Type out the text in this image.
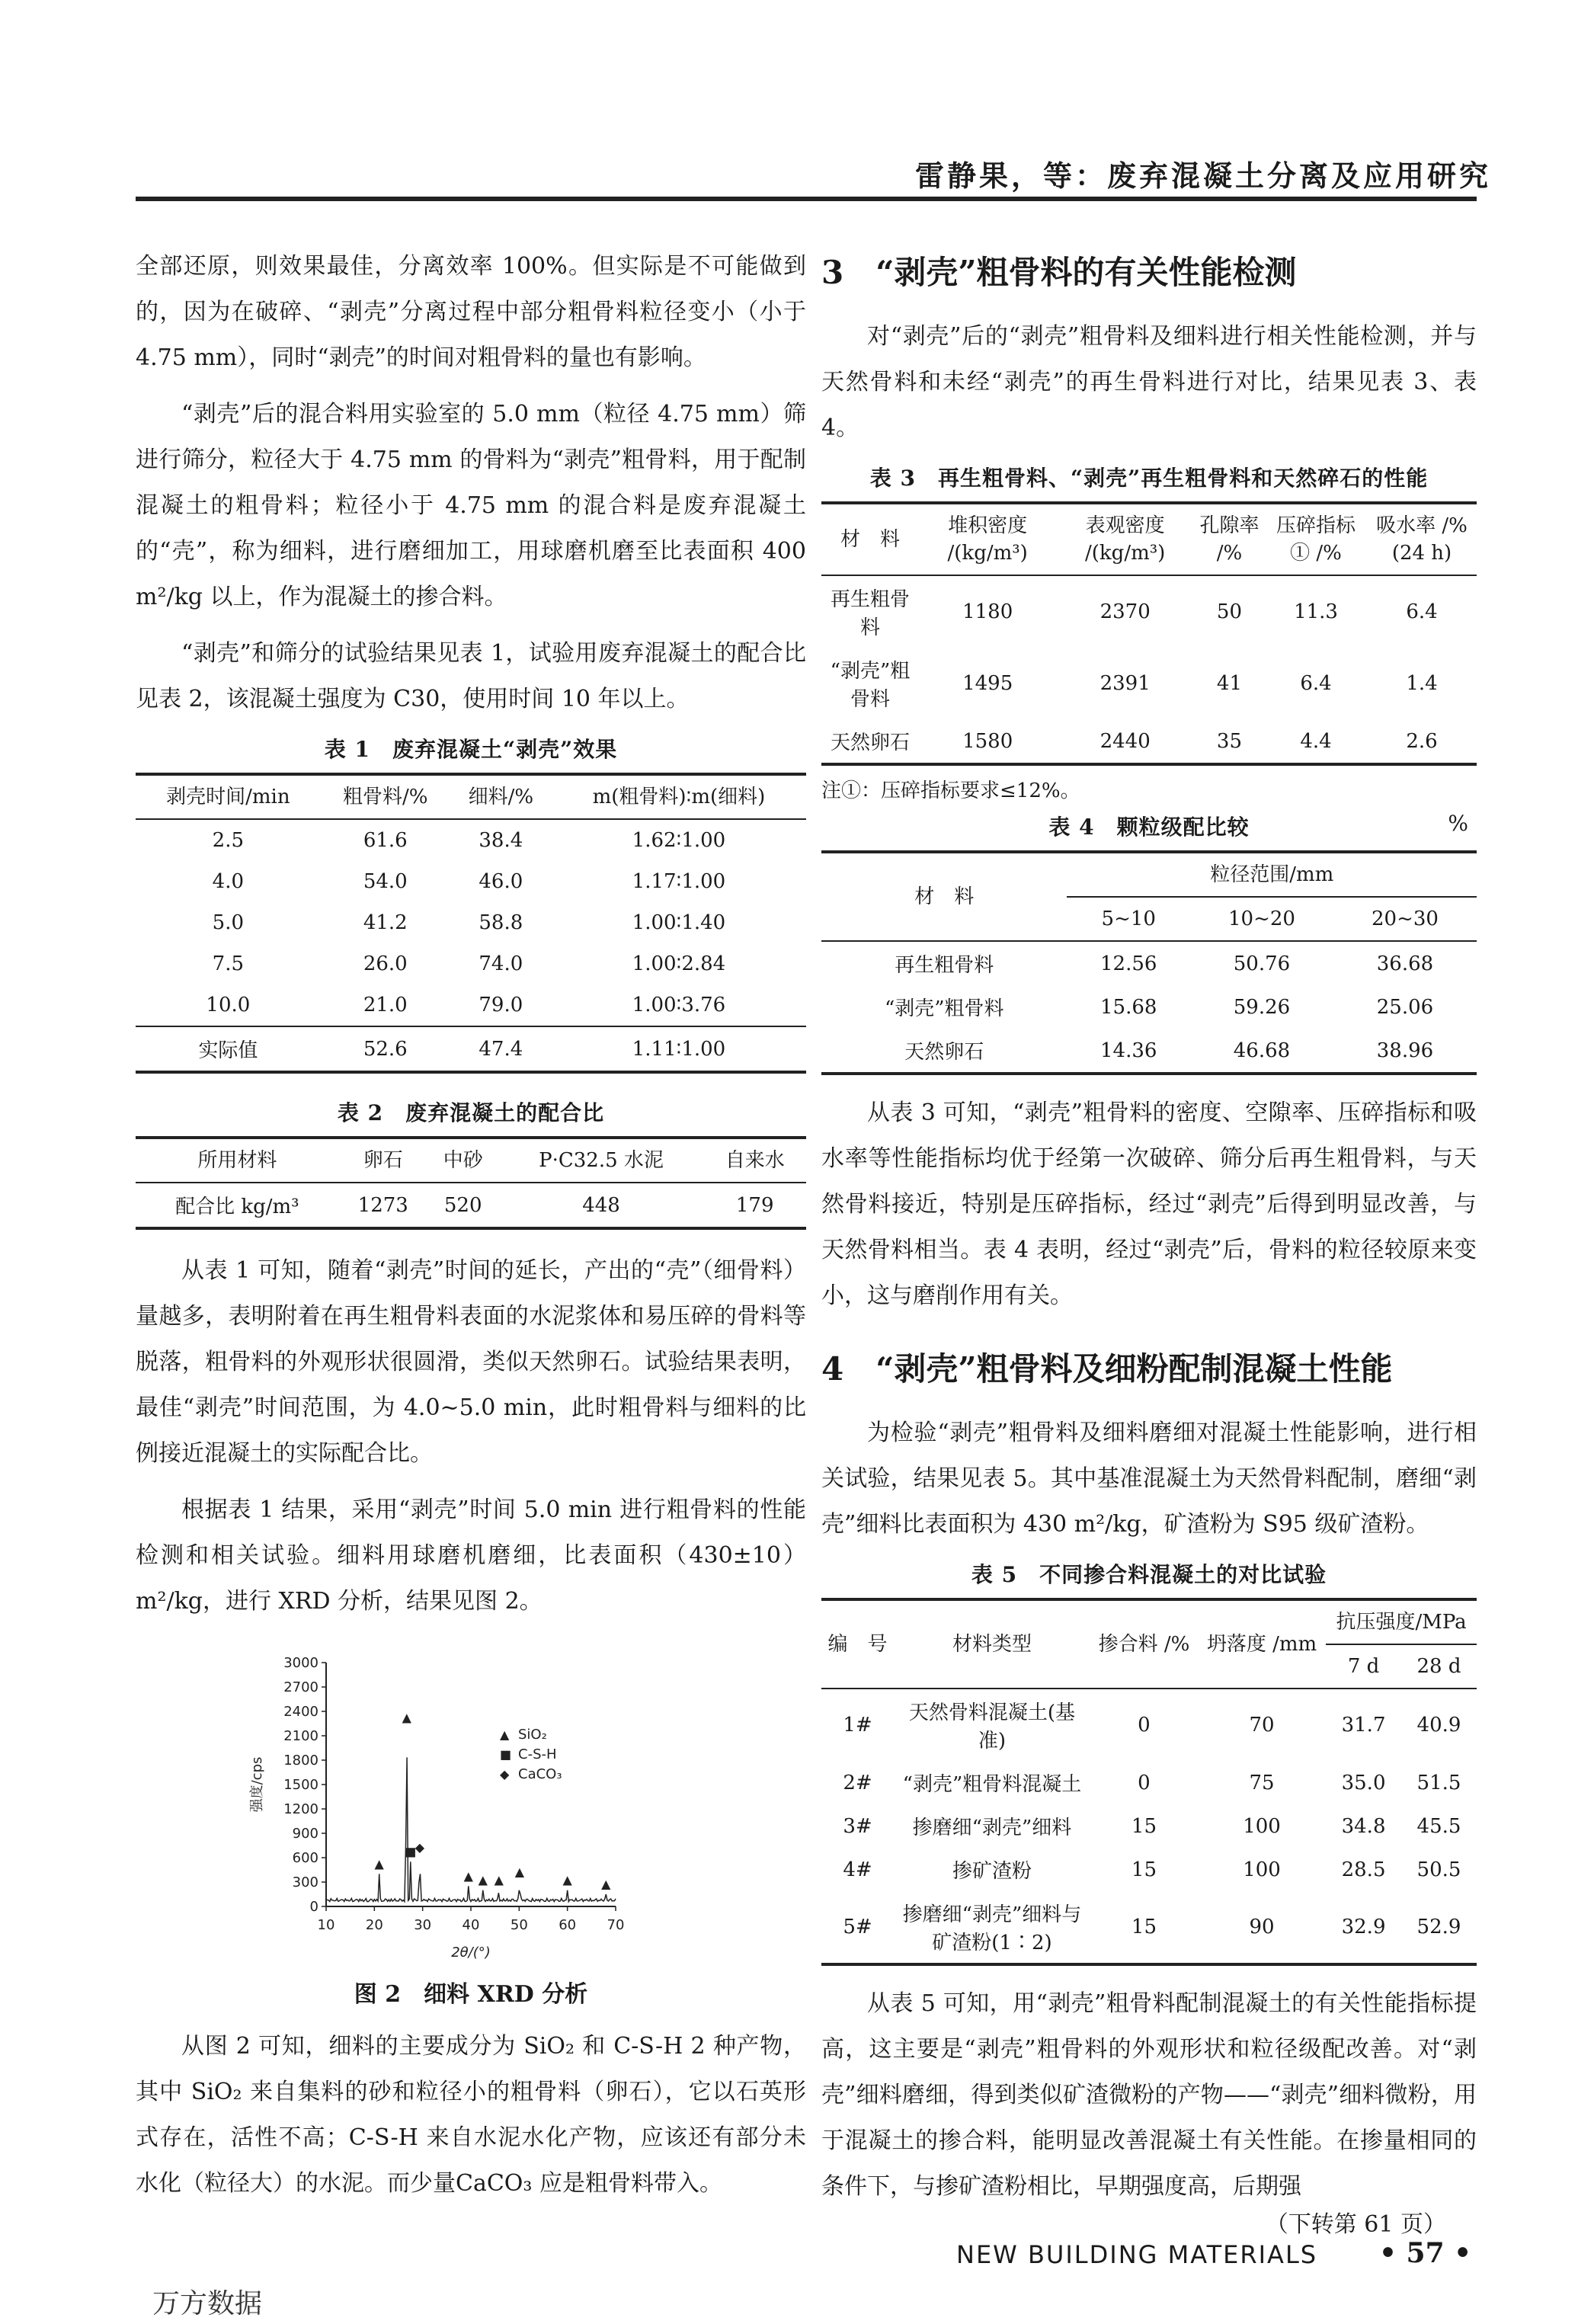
雷静果，等：废弃混凝土分离及应用研究

全部还原，则效果最佳，分离效率 100%。但实际是不可能做到的，因为在破碎、“剥壳”分离过程中部分粗骨料粒径变小（小于 4.75 mm），同时“剥壳”的时间对粗骨料的量也有影响。

“剥壳”后的混合料用实验室的 5.0 mm（粒径 4.75 mm）筛进行筛分，粒径大于 4.75 mm 的骨料为“剥壳”粗骨料，用于配制混凝土的粗骨料；粒径小于 4.75 mm 的混合料是废弃混凝土的“壳”，称为细料，进行磨细加工，用球磨机磨至比表面积 400 m²/kg 以上，作为混凝土的掺合料。

“剥壳”和筛分的试验结果见表 1，试验用废弃混凝土的配合比见表 2，该混凝土强度为 C30，使用时间 10 年以上。

表 1　废弃混凝土“剥壳”效果
剥壳时间/min	粗骨料/%	细料/%	m(粗骨料)∶m(细料)
2.5	61.6	38.4	1.62∶1.00
4.0	54.0	46.0	1.17∶1.00
5.0	41.2	58.8	1.00∶1.40
7.5	26.0	74.0	1.00∶2.84
10.0	21.0	79.0	1.00∶3.76
实际值	52.6	47.4	1.11∶1.00
表 2　废弃混凝土的配合比
所用材料	卵石	中砂	P·C32.5 水泥	自来水
配合比 kg/m³	1273	520	448	179

从表 1 可知，随着“剥壳”时间的延长，产出的“壳”（细骨料）量越多，表明附着在再生粗骨料表面的水泥浆体和易压碎的骨料等脱落，粗骨料的外观形状很圆滑，类似天然卵石。试验结果表明，最佳“剥壳”时间范围，为 4.0~5.0 min，此时粗骨料与细料的比例接近混凝土的实际配合比。

根据表 1 结果，采用“剥壳”时间 5.0 min 进行粗骨料的性能检测和相关试验。细料用球磨机磨细，比表面积（430±10）m²/kg，进行 XRD 分析，结果见图 2。

0
300
600
900
1200
1500
1800
2100
2400
2700
3000
10 20 30 40 50 60 70
2θ/(°)
强度/cps
▲
▲
■
◆
▲ ▲ ▲
▲
▲ ▲
▲ SiO₂
■ C-S-H
◆ CaCO₃
图 2　细料 XRD 分析

从图 2 可知，细料的主要成分为 SiO₂ 和 C-S-H 2 种产物，其中 SiO₂ 来自集料的砂和粒径小的粗骨料（卵石），它以石英形式存在，活性不高；C-S-H 来自水泥水化产物，应该还有部分未水化（粒径大）的水泥。而少量CaCO₃ 应是粗骨料带入。

3　“剥壳”粗骨料的有关性能检测

对“剥壳”后的“剥壳”粗骨料及细料进行相关性能检测，并与天然骨料和未经“剥壳”的再生骨料进行对比，结果见表 3、表 4。

表 3　再生粗骨料、“剥壳”再生粗骨料和天然碎石的性能
材　料	堆积密度 /(kg/m³)	表观密度 /(kg/m³)	孔隙率 /%	压碎指标① /%	吸水率 /%(24 h)
再生粗骨料	1180	2370	50	11.3	6.4
“剥壳”粗骨料	1495	2391	41	6.4	1.4
天然卵石	1580	2440	35	4.4	2.6
注①：压碎指标要求≤12%。
表 4　颗粒级配比较	%
材　料	粒径范围/mm		
	5~10	10~20	20~30
再生粗骨料	12.56	50.76	36.68
“剥壳”粗骨料	15.68	59.26	25.06
天然卵石	14.36	46.68	38.96

从表 3 可知，“剥壳”粗骨料的密度、空隙率、压碎指标和吸水率等性能指标均优于经第一次破碎、筛分后再生粗骨料，与天然骨料接近，特别是压碎指标，经过“剥壳”后得到明显改善，与天然骨料相当。表 4 表明，经过“剥壳”后，骨料的粒径较原来变小，这与磨削作用有关。

4　“剥壳”粗骨料及细粉配制混凝土性能

为检验“剥壳”粗骨料及细料磨细对混凝土性能影响，进行相关试验，结果见表 5。其中基准混凝土为天然骨料配制，磨细“剥壳”细料比表面积为 430 m²/kg，矿渣粉为 S95 级矿渣粉。

表 5　不同掺合料混凝土的对比试验
编　号	材料类型	掺合料 /%	坍落度 /mm	抗压强度/MPa	
				7 d	28 d
1#	天然骨料混凝土(基准)	0	70	31.7	40.9
2#	“剥壳”粗骨料混凝土	0	75	35.0	51.5
3#	掺磨细“剥壳”细料	15	100	34.8	45.5
4#	掺矿渣粉	15	100	28.5	50.5
5#	掺磨细“剥壳”细料与矿渣粉(1∶2)	15	90	32.9	52.9

从表 5 可知，用“剥壳”粗骨料配制混凝土的有关性能指标提高，这主要是“剥壳”粗骨料的外观形状和粒径级配改善。对“剥壳”细料磨细，得到类似矿渣微粉的产物——“剥壳”细料微粉，用于混凝土的掺合料，能明显改善混凝土有关性能。在掺量相同的条件下，与掺矿渣粉相比，早期强度高，后期强

（下转第 61 页）
NEW BUILDING MATERIALS • 57 •
万方数据
